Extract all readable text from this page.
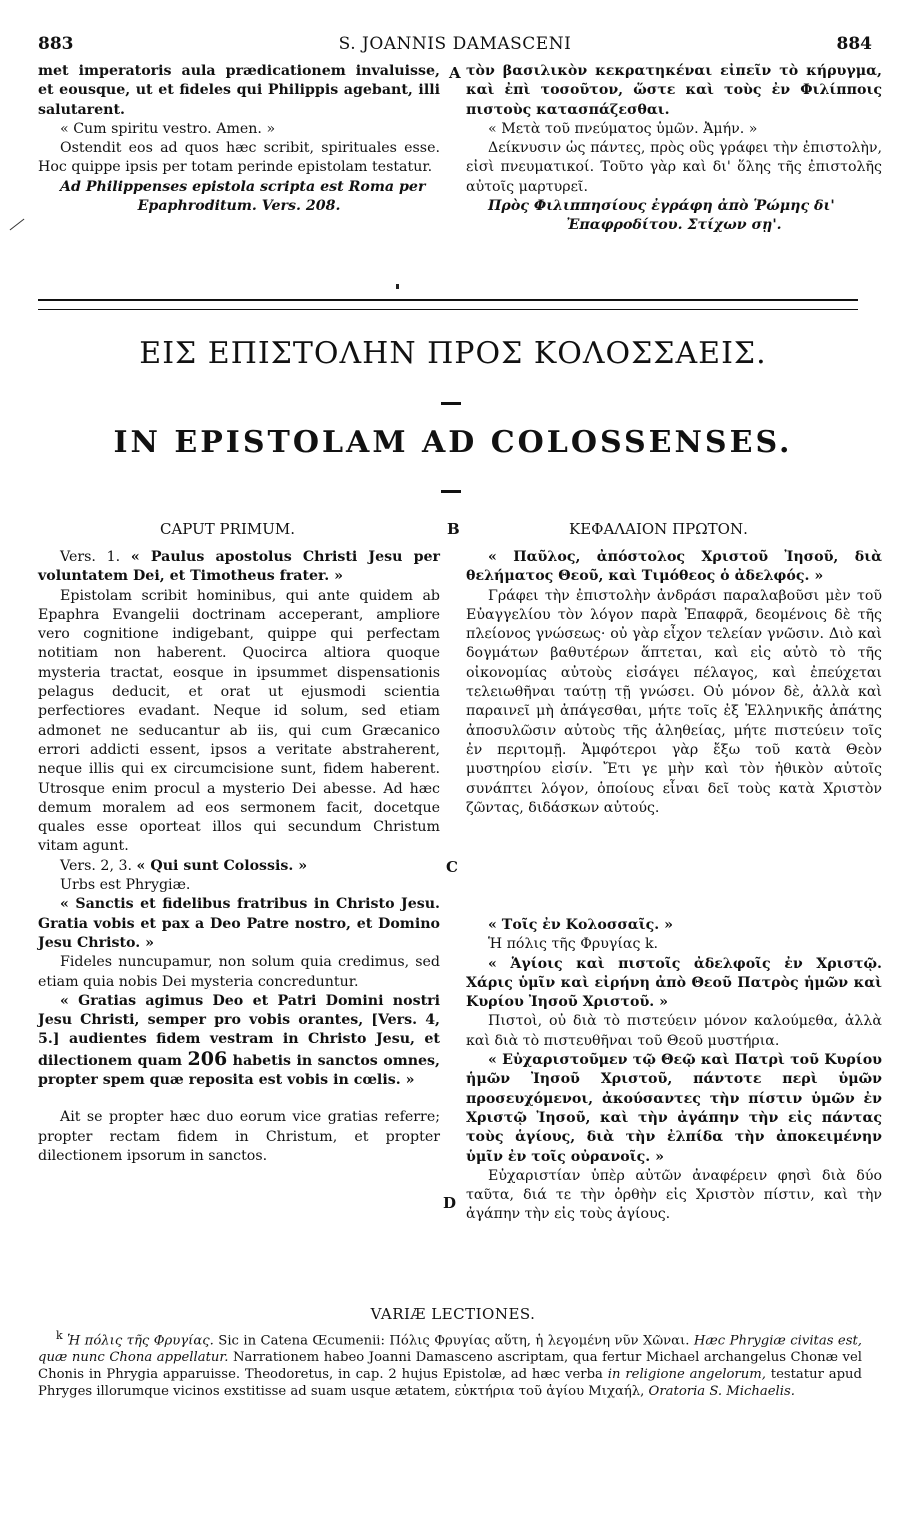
883	S. JOANNIS DAMASCENI	884

met imperatoris aula prædicationem invaluisse, et eousque, ut et fideles qui Philippis agebant, illi salutarent.

« Cum spiritu vestro. Amen. »

Ostendit eos ad quos hæc scribit, spirituales esse. Hoc quippe ipsis per totam perinde epistolam testatur.

Ad Philippenses epistola scripta est Roma per

Epaphroditum. Vers. 208.

τὸν βασιλικὸν κεκρατηκέναι εἰπεῖν τὸ κήρυγμα, καὶ ἐπὶ τοσοῦτον, ὥστε καὶ τοὺς ἐν Φιλίπποις πιστοὺς κατασπάζεσθαι.

« Μετὰ τοῦ πνεύματος ὑμῶν. Ἀμήν. »

Δείκνυσιν ὡς πάντες, πρὸς οὓς γράφει τὴν ἐπιστολὴν, εἰσὶ πνευματικοί. Τοῦτο γὰρ καὶ δι' ὅλης τῆς ἐπιστολῆς αὐτοῖς μαρτυρεῖ.

Πρὸς Φιλιππησίους ἐγράφη ἀπὸ Ῥώμης δι'

Ἐπαφροδίτου. Στίχων σῃ'.

A
ΕΙΣ ΕΠΙΣΤΟΛΗΝ ΠΡΟΣ ΚΟΛΟΣΣΑΕΙΣ.
IN EPISTOLAM AD COLOSSENSES.
CAPUT PRIMUM.	B	ΚΕΦΑΛΑΙΟΝ ΠΡΩΤΟΝ.

Vers. 1. « Paulus apostolus Christi Jesu per voluntatem Dei, et Timotheus frater. »

Epistolam scribit hominibus, qui ante quidem ab Epaphra Evangelii doctrinam acceperant, ampliore vero cognitione indigebant, quippe qui perfectam notitiam non haberent. Quocirca altiora quoque mysteria tractat, eosque in ipsummet dispensationis pelagus deducit, et orat ut ejusmodi scientia perfectiores evadant. Neque id solum, sed etiam admonet ne seducantur ab iis, qui cum Græcanico errori addicti essent, ipsos a veritate abstraherent, neque illis qui ex circumcisione sunt, fidem haberent. Utrosque enim procul a mysterio Dei abesse. Ad hæc demum moralem ad eos sermonem facit, docetque quales esse oporteat illos qui secundum Christum vitam agunt.

Vers. 2, 3. « Qui sunt Colossis. »

Urbs est Phrygiæ.

« Sanctis et fidelibus fratribus in Christo Jesu. Gratia vobis et pax a Deo Patre nostro, et Domino Jesu Christo. »

Fideles nuncupamur, non solum quia credimus, sed etiam quia nobis Dei mysteria concreduntur.

« Gratias agimus Deo et Patri Domini nostri Jesu Christi, semper pro vobis orantes, [Vers. 4, 5.] audientes fidem vestram in Christo Jesu, et dilectionem quam 206 habetis in sanctos omnes, propter spem quæ reposita est vobis in cœlis. »

Ait se propter hæc duo eorum vice gratias referre; propter rectam fidem in Christum, et propter dilectionem ipsorum in sanctos.

C
D

« Παῦλος, ἀπόστολος Χριστοῦ Ἰησοῦ, διὰ θελήματος Θεοῦ, καὶ Τιμόθεος ὁ ἀδελφός. »

Γράφει τὴν ἐπιστολὴν ἀνδράσι παραλαβοῦσι μὲν τοῦ Εὐαγγελίου τὸν λόγον παρὰ Ἐπαφρᾶ, δεομένοις δὲ τῆς πλείονος γνώσεως· οὐ γὰρ εἶχον τελείαν γνῶσιν. Διὸ καὶ δογμάτων βαθυτέρων ἅπτεται, καὶ εἰς αὐτὸ τὸ τῆς οἰκονομίας αὐτοὺς εἰσάγει πέλαγος, καὶ ἐπεύχεται τελειωθῆναι ταύτῃ τῇ γνώσει. Οὐ μόνον δὲ, ἀλλὰ καὶ παραινεῖ μὴ ἀπάγεσθαι, μήτε τοῖς ἐξ Ἑλληνικῆς ἀπάτης ἀποσυλῶσιν αὐτοὺς τῆς ἀληθείας, μήτε πιστεύειν τοῖς ἐν περιτομῇ. Ἀμφότεροι γὰρ ἔξω τοῦ κατὰ Θεὸν μυστηρίου εἰσίν. Ἔτι γε μὴν καὶ τὸν ἠθικὸν αὐτοῖς συνάπτει λόγον, ὁποίους εἶναι δεῖ τοὺς κατὰ Χριστὸν ζῶντας, διδάσκων αὐτούς.

« Τοῖς ἐν Κολοσσαῖς. »

Ἡ πόλις τῆς Φρυγίας k.

« Ἁγίοις καὶ πιστοῖς ἀδελφοῖς ἐν Χριστῷ. Χάρις ὑμῖν καὶ εἰρήνη ἀπὸ Θεοῦ Πατρὸς ἡμῶν καὶ Κυρίου Ἰησοῦ Χριστοῦ. »

Πιστοὶ, οὐ διὰ τὸ πιστεύειν μόνον καλούμεθα, ἀλλὰ καὶ διὰ τὸ πιστευθῆναι τοῦ Θεοῦ μυστήρια.

« Εὐχαριστοῦμεν τῷ Θεῷ καὶ Πατρὶ τοῦ Κυρίου ἡμῶν Ἰησοῦ Χριστοῦ, πάντοτε περὶ ὑμῶν προσευχόμενοι, ἀκούσαντες τὴν πίστιν ὑμῶν ἐν Χριστῷ Ἰησοῦ, καὶ τὴν ἀγάπην τὴν εἰς πάντας τοὺς ἁγίους, διὰ τὴν ἐλπίδα τὴν ἀποκειμένην ὑμῖν ἐν τοῖς οὐρανοῖς. »

Εὐχαριστίαν ὑπὲρ αὐτῶν ἀναφέρειν φησὶ διὰ δύο ταῦτα, διά τε τὴν ὀρθὴν εἰς Χριστὸν πίστιν, καὶ τὴν ἀγάπην τὴν εἰς τοὺς ἁγίους.

VARIÆ LECTIONES.

$^k$ Ἡ πόλις τῆς Φρυγίας. Sic in Catena Œcumenii: Πόλις Φρυγίας αὕτη, ἡ λεγομένη νῦν Χῶναι. Hæc Phrygiæ civitas est, quæ nunc Chona appellatur. Narrationem habeo Joanni Damasceno ascriptam, qua fertur Michael archangelus Chonæ vel Chonis in Phrygia apparuisse. Theodoretus, in cap. 2 hujus Epistolæ, ad hæc verba in religione angelorum, testatur apud Phryges illorumque vicinos exstitisse ad suam usque ætatem, εὐκτήρια τοῦ ἁγίου Μιχαήλ, Oratoria S. Michaelis.
